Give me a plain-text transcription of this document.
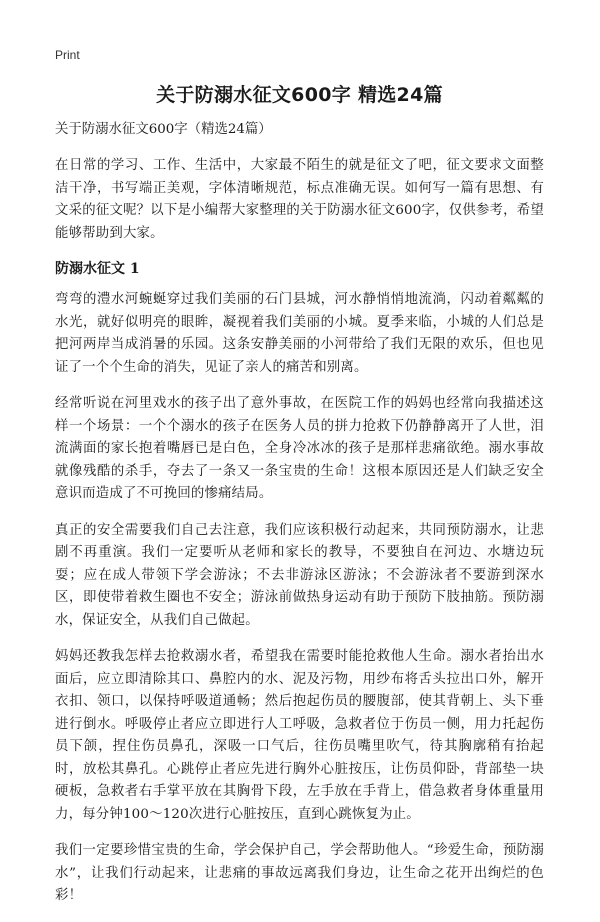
Print
关于防溺水征文600字 精选24篇
关于防溺水征文600字（精选24篇）

在日常的学习、工作、生活中，大家最不陌生的就是征文了吧，征文要求文面整洁干净，书写端正美观，字体清晰规范，标点准确无误。如何写一篇有思想、有文采的征文呢？以下是小编帮大家整理的关于防溺水征文600字，仅供参考，希望能够帮助到大家。

防溺水征文 1

弯弯的澧水河蜿蜒穿过我们美丽的石门县城，河水静悄悄地流淌，闪动着粼粼的水光，就好似明亮的眼眸，凝视着我们美丽的小城。夏季来临，小城的人们总是把河两岸当成消暑的乐园。这条安静美丽的小河带给了我们无限的欢乐，但也见证了一个个生命的消失，见证了亲人的痛苦和别离。

经常听说在河里戏水的孩子出了意外事故，在医院工作的妈妈也经常向我描述这样一个场景：一个个溺水的孩子在医务人员的拼力抢救下仍静静离开了人世，泪流满面的家长抱着嘴唇已是白色，全身冷冰冰的孩子是那样悲痛欲绝。溺水事故就像残酷的杀手，夺去了一条又一条宝贵的生命！这根本原因还是人们缺乏安全意识而造成了不可挽回的惨痛结局。

真正的安全需要我们自己去注意，我们应该积极行动起来，共同预防溺水，让悲剧不再重演。我们一定要听从老师和家长的教导，不要独自在河边、水塘边玩耍；应在成人带领下学会游泳；不去非游泳区游泳；不会游泳者不要游到深水区，即使带着救生圈也不安全；游泳前做热身运动有助于预防下肢抽筋。预防溺水，保证安全，从我们自己做起。

妈妈还教我怎样去抢救溺水者，希望我在需要时能抢救他人生命。溺水者抬出水面后，应立即清除其口、鼻腔内的水、泥及污物，用纱布将舌头拉出口外，解开衣扣、领口，以保持呼吸道通畅；然后抱起伤员的腰腹部，使其背朝上、头下垂进行倒水。呼吸停止者应立即进行人工呼吸，急救者位于伤员一侧，用力托起伤员下颌，捏住伤员鼻孔，深吸一口气后，往伤员嘴里吹气，待其胸廓稍有抬起时，放松其鼻孔。心跳停止者应先进行胸外心脏按压，让伤员仰卧，背部垫一块硬板，急救者右手掌平放在其胸骨下段，左手放在手背上，借急救者身体重量用力，每分钟100～120次进行心脏按压，直到心跳恢复为止。

我们一定要珍惜宝贵的生命，学会保护自己，学会帮助他人。“珍爱生命，预防溺水”，让我们行动起来，让悲痛的事故远离我们身边，让生命之花开出绚烂的色彩！
